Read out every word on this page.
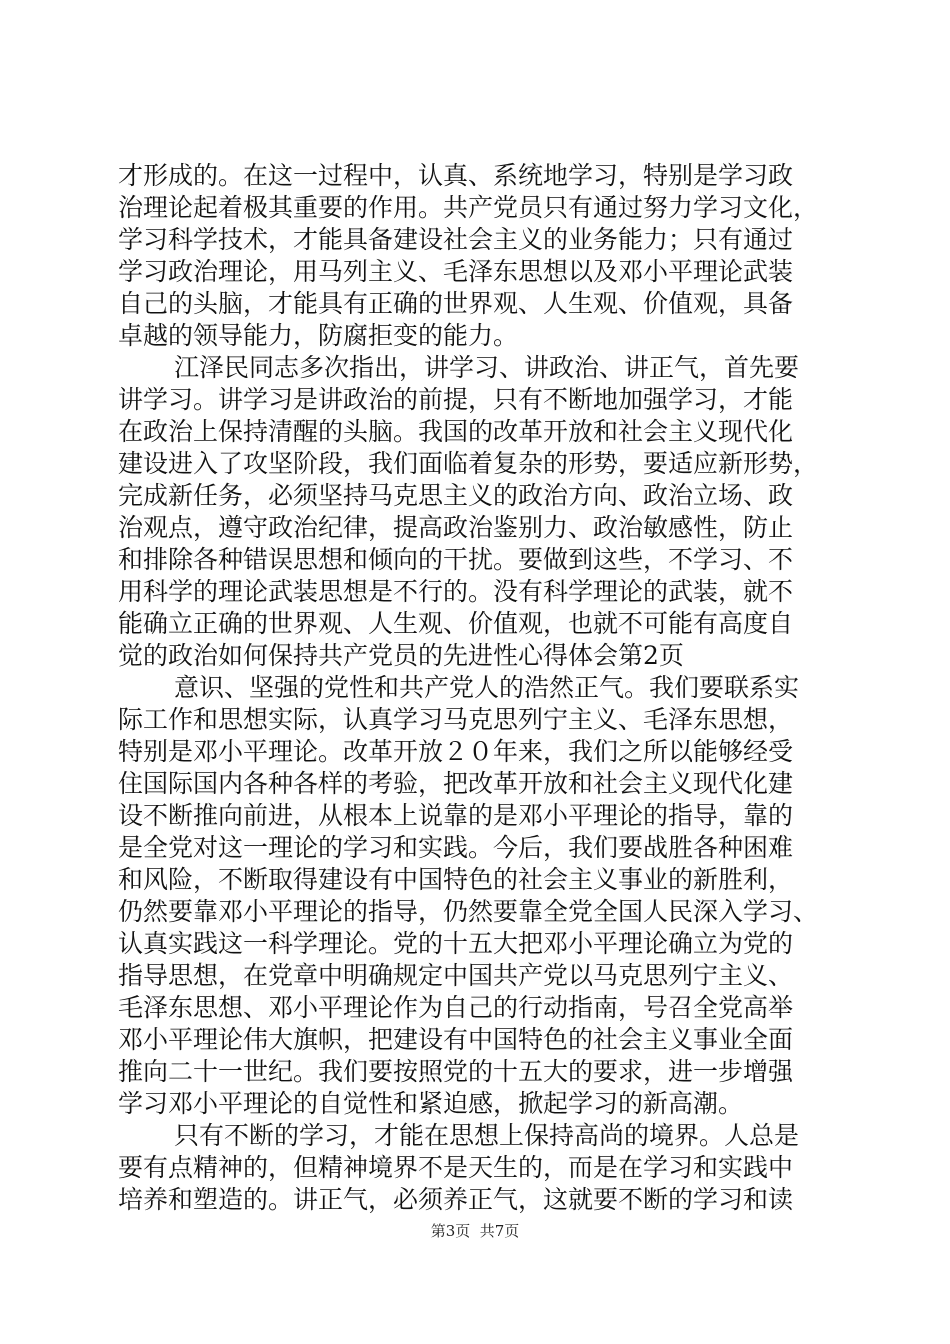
才形成的。在这一过程中，认真、系统地学习，特别是学习政
治理论起着极其重要的作用。共产党员只有通过努力学习文化，
学习科学技术，才能具备建设社会主义的业务能力；只有通过
学习政治理论，用马列主义、毛泽东思想以及邓小平理论武装
自己的头脑，才能具有正确的世界观、人生观、价值观，具备
卓越的领导能力，防腐拒变的能力。
江泽民同志多次指出，讲学习、讲政治、讲正气，首先要
讲学习。讲学习是讲政治的前提，只有不断地加强学习，才能
在政治上保持清醒的头脑。我国的改革开放和社会主义现代化
建设进入了攻坚阶段，我们面临着复杂的形势，要适应新形势，
完成新任务，必须坚持马克思主义的政治方向、政治立场、政
治观点，遵守政治纪律，提高政治鉴别力、政治敏感性，防止
和排除各种错误思想和倾向的干扰。要做到这些，不学习、不
用科学的理论武装思想是不行的。没有科学理论的武装，就不
能确立正确的世界观、人生观、价值观，也就不可能有高度自
觉的政治如何保持共产党员的先进性心得体会第2页
意识、坚强的党性和共产党人的浩然正气。我们要联系实
际工作和思想实际，认真学习马克思列宁主义、毛泽东思想，
特别是邓小平理论。改革开放２０年来，我们之所以能够经受
住国际国内各种各样的考验，把改革开放和社会主义现代化建
设不断推向前进，从根本上说靠的是邓小平理论的指导，靠的
是全党对这一理论的学习和实践。今后，我们要战胜各种困难
和风险，不断取得建设有中国特色的社会主义事业的新胜利，
仍然要靠邓小平理论的指导，仍然要靠全党全国人民深入学习、
认真实践这一科学理论。党的十五大把邓小平理论确立为党的
指导思想，在党章中明确规定中国共产党以马克思列宁主义、
毛泽东思想、邓小平理论作为自己的行动指南，号召全党高举
邓小平理论伟大旗帜，把建设有中国特色的社会主义事业全面
推向二十一世纪。我们要按照党的十五大的要求，进一步增强
学习邓小平理论的自觉性和紧迫感，掀起学习的新高潮。
只有不断的学习，才能在思想上保持高尚的境界。人总是
要有点精神的，但精神境界不是天生的，而是在学习和实践中
培养和塑造的。讲正气，必须养正气，这就要不断的学习和读
第3页  共7页
